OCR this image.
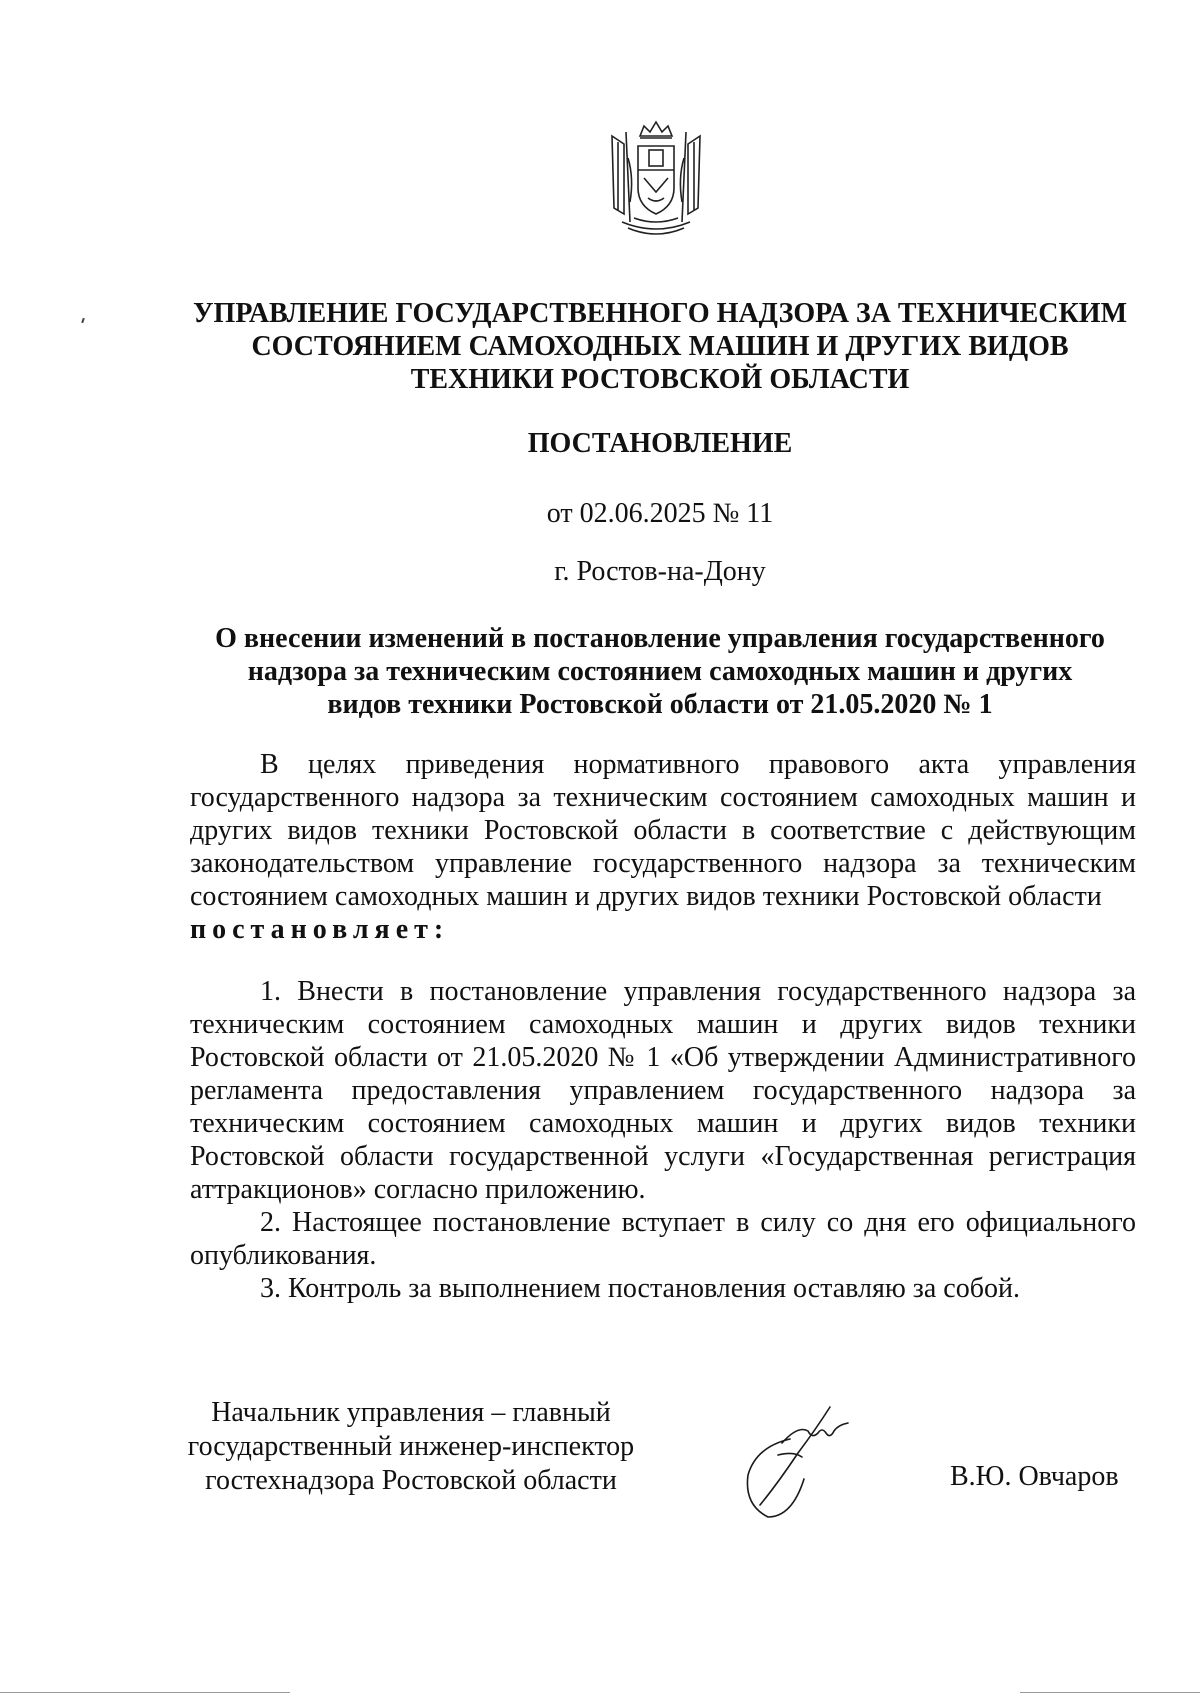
УПРАВЛЕНИЕ ГОСУДАРСТВЕННОГО НАДЗОРА ЗА ТЕХНИЧЕСКИМ
СОСТОЯНИЕМ САМОХОДНЫХ МАШИН И ДРУГИХ ВИДОВ
ТЕХНИКИ РОСТОВСКОЙ ОБЛАСТИ
ПОСТАНОВЛЕНИЕ
от 02.06.2025 № 11
г. Ростов-на-Дону
О внесении изменений в постановление управления государственного
надзора за техническим состоянием самоходных машин и других
видов техники Ростовской области от 21.05.2020 № 1

В целях приведения нормативного правового акта управления государственного надзора за техническим состоянием самоходных машин и других видов техники Ростовской области в соответствие с действующим законодательством управление государственного надзора за техническим состоянием самоходных машин и других видов техники Ростовской области

постановляет:

1. Внести в постановление управления государственного надзора за техническим состоянием самоходных машин и других видов техники Ростовской области от 21.05.2020 № 1 «Об утверждении Административного регламента предоставления управлением государственного надзора за техническим состоянием самоходных машин и других видов техники Ростовской области государственной услуги «Государственная регистрация аттракционов» согласно приложению.

2. Настоящее постановление вступает в силу со дня его официального опубликования.

3. Контроль за выполнением постановления оставляю за собой.

Начальник управления – главный
государственный инженер-инспектор
гостехнадзора Ростовской области	В.Ю. Овчаров
